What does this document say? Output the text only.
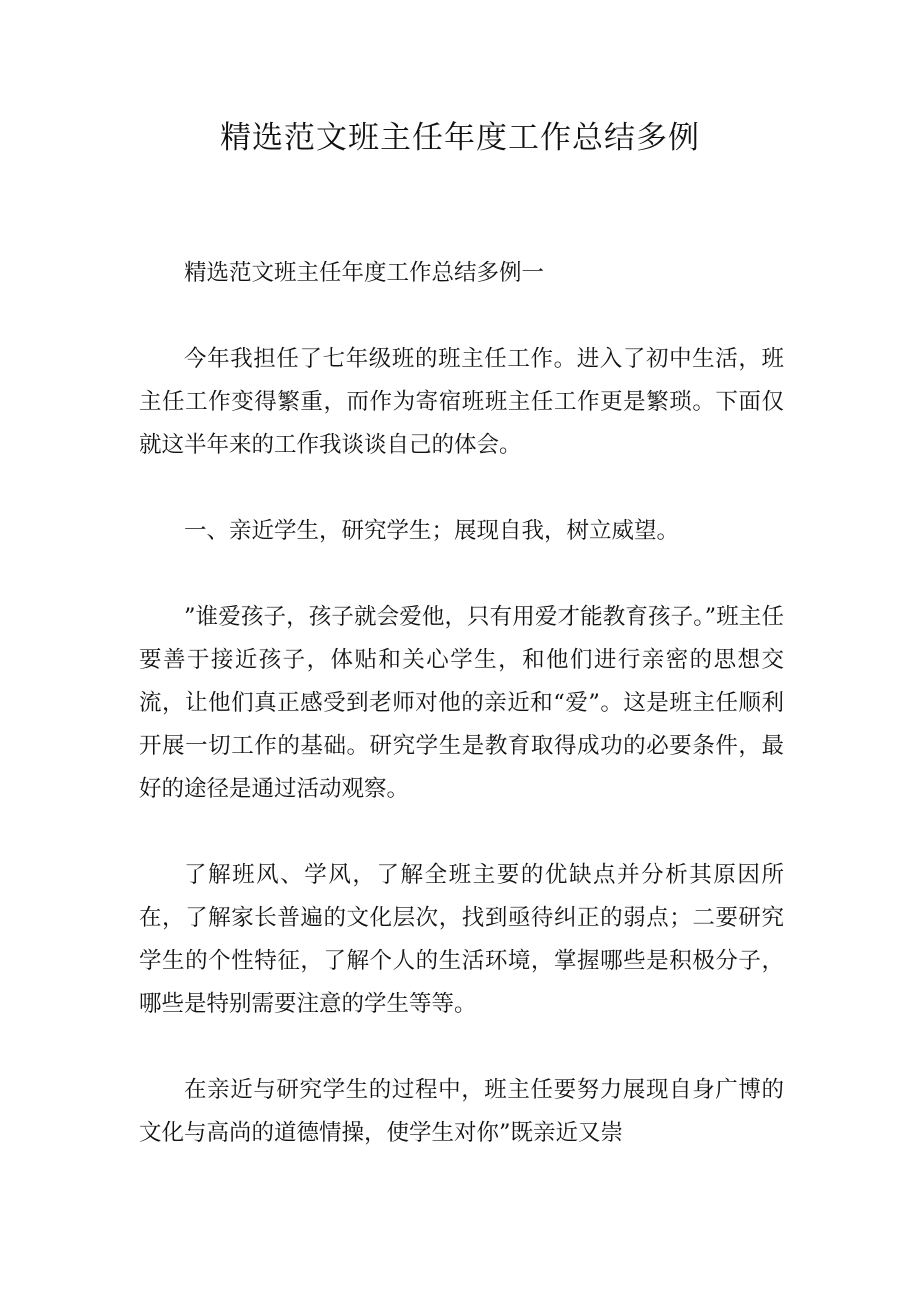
精选范文班主任年度工作总结多例

精选范文班主任年度工作总结多例一

今年我担任了七年级班的班主任工作。进入了初中生活，班主任工作变得繁重，而作为寄宿班班主任工作更是繁琐。下面仅就这半年来的工作我谈谈自己的体会。

一、亲近学生，研究学生；展现自我，树立威望。

”谁爱孩子，孩子就会爱他，只有用爱才能教育孩子。”班主任要善于接近孩子，体贴和关心学生，和他们进行亲密的思想交流，让他们真正感受到老师对他的亲近和“爱”。这是班主任顺利开展一切工作的基础。研究学生是教育取得成功的必要条件，最好的途径是通过活动观察。

了解班风、学风，了解全班主要的优缺点并分析其原因所在，了解家长普遍的文化层次，找到亟待纠正的弱点；二要研究学生的个性特征，了解个人的生活环境，掌握哪些是积极分子，哪些是特别需要注意的学生等等。

在亲近与研究学生的过程中，班主任要努力展现自身广博的文化与高尚的道德情操，使学生对你”既亲近又崇
